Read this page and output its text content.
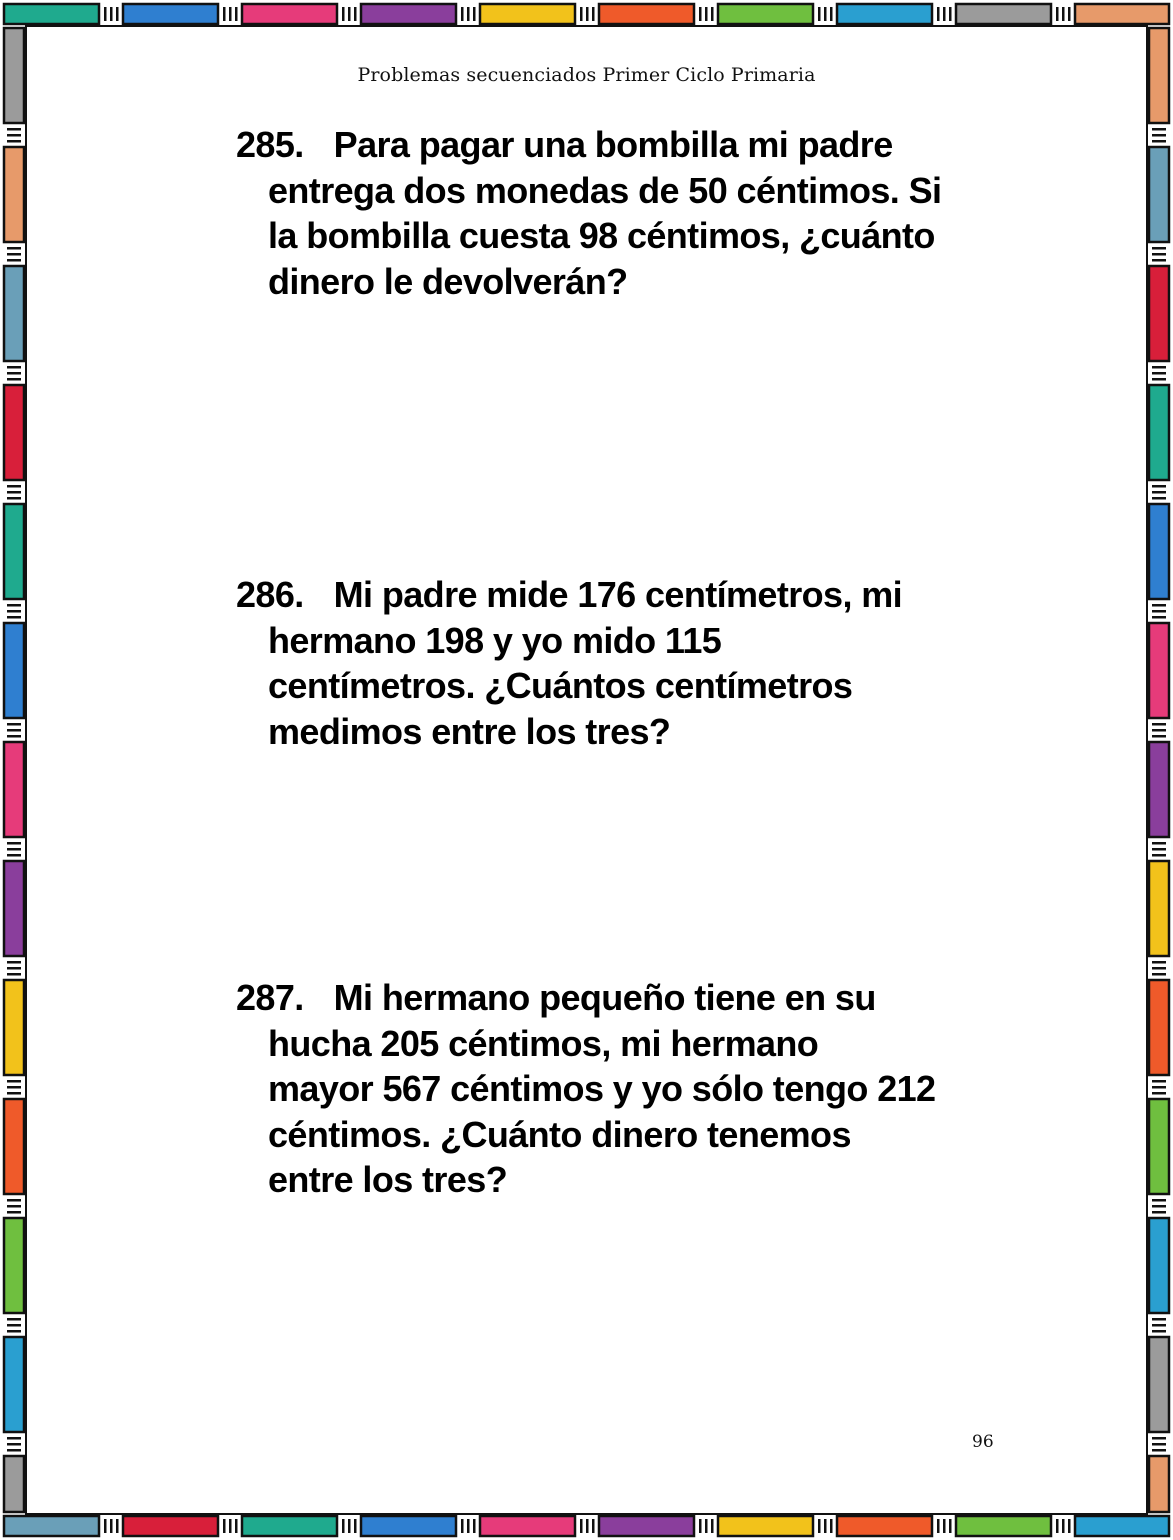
Problemas secuenciados Primer Ciclo Primaria
285. Para pagar una bombilla mi padre
entrega dos monedas de 50 céntimos. Si
la bombilla cuesta 98 céntimos, ¿cuánto
dinero le devolverán?
286. Mi padre mide 176 centímetros, mi
hermano 198 y yo mido 115
centímetros. ¿Cuántos centímetros
medimos entre los tres?
287. Mi hermano pequeño tiene en su
hucha 205 céntimos, mi hermano
mayor 567 céntimos y yo sólo tengo 212
céntimos. ¿Cuánto dinero tenemos
entre los tres?
96
